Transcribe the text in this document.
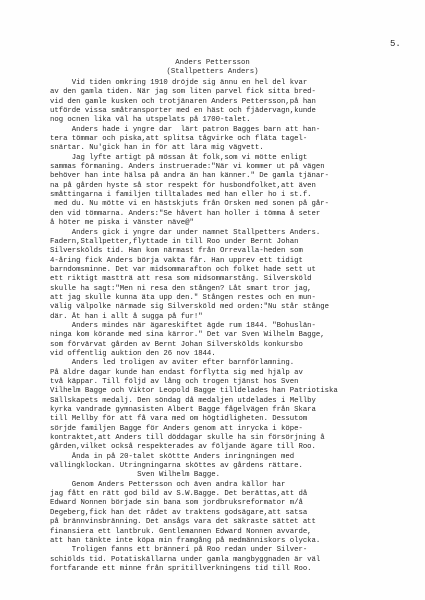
5.

Anders Pettersson
(Stallpetters Anders)
Vid tiden omkring 1910 dröjde sig ännu en hel del kvar
av den gamla tiden. När jag som liten parvel fick sitta bred-
vid den gamle kusken och trotjänaren Anders Pettersson,på han
utförde vissa småtransporter med en häst och fjädervagn,kunde
nog ocnen lika väl ha utspelats på 1700-talet.
Anders hade i yngre dar  lärt patron Bagges barn att han-
tera tömmar och piska,att splitsa tågvirke och fläta tagel-
snärtar. Nu'gick han in för att lära mig vägvett.
Jag lyfte artigt på mössan åt folk,som vi mötte enligt
sammas förmaning. Anders instruerade:"När vi kommer ut på vägen
behöver han inte hälsa på andra än han känner." De gamla tjänar-
na på gården hyste så stor respekt för husbondfolket,att även
småttingarna i familjen tilltalades med han eller ho i st.f.
med du. Nu mötte vi en hästskjuts från Orsken med sonen på går-
den vid tömmarna. Anders:"Se håvert han holler i tömma å seter
å höter me piska i vänster näve@"
Anders gick i yngre dar under namnet Stallpetters Anders.
Fadern,Stallpetter,flyttade in till Roo under Bernt Johan
Silverskölds tid. Han kom närmast från Orrevalla-heden som
4-åring fick Anders börja vakta får. Han upprev ett tidigt
barndomsminne. Det var midsommarafton och folket hade sett ut
ett riktigt mastträ att resa som midsommarstång. Silversköld
skulle ha sagt:"Men ni resa den stången? Låt smart tror jag,
att jag skulle kunna äta upp den." Stången restes och en mun-
välig välpolke närmade sig Silversköld med orden:"Nu står stånge
där. Ät han i allt å sugga på fur!"
Anders mindes när ägareskiftet ägde rum 1844. "Bohuslän-
ninga kom körande med sina kärror." Det var Sven Wilhelm Bagge,
som förvärvat gården av Bernt Johan Silverskölds konkursbo
vid offentlig auktion den 26 nov 1844.
Anders led troligen av aviter efter barnförlamning.
På äldre dagar kunde han endast förflytta sig med hjälp av
två käppar. Till följd av lång och trogen tjänst hos Sven
Vilhelm Bagge och Viktor Leopold Bagge tilldelades han Patriotiska
Sällskapets medalj. Den söndag då medaljen utdelades i Mellby
kyrka vandrade gymnasisten Albert Bagge fågelvägen från Skara
till Mellby för att få vara med om högtidligheten. Dessutom
sörjde familjen Bagge för Anders genom att inrycka i köpe-
kontraktet,att Anders till döddagar skulle ha sin försörjning å
gården,vilket också respekterades av följande ägare till Roo.
Ända in på 20-talet sköttte Anders inringningen med
vällingklockan. Utringningarna sköttes av gårdens rättare.
Sven Wilhelm Bagge.
Genom Anders Pettersson och även andra källor har
jag fått en rätt god bild av S.W.Bagge. Det berättas,att då
Edward Nonnen började sin bana som jordbruksreformator m/å
Degeberg,fick han det rådet av traktens godsägare,att satsa
på brännvinsbränning. Det ansågs vara det säkraste sättet att
finansiera ett lantbruk. Gentlemannen Edward Nonnen avvarde,
att han tänkte inte köpa min framgång på medmänniskors olycka.
Troligen fanns ett brännerí på Roo redan under Silver-
schiölds tid. Potatiskällarna under gamla mangbyggnaden är väl
fortfarande ett minne från spritillverkningens tid till Roo.
